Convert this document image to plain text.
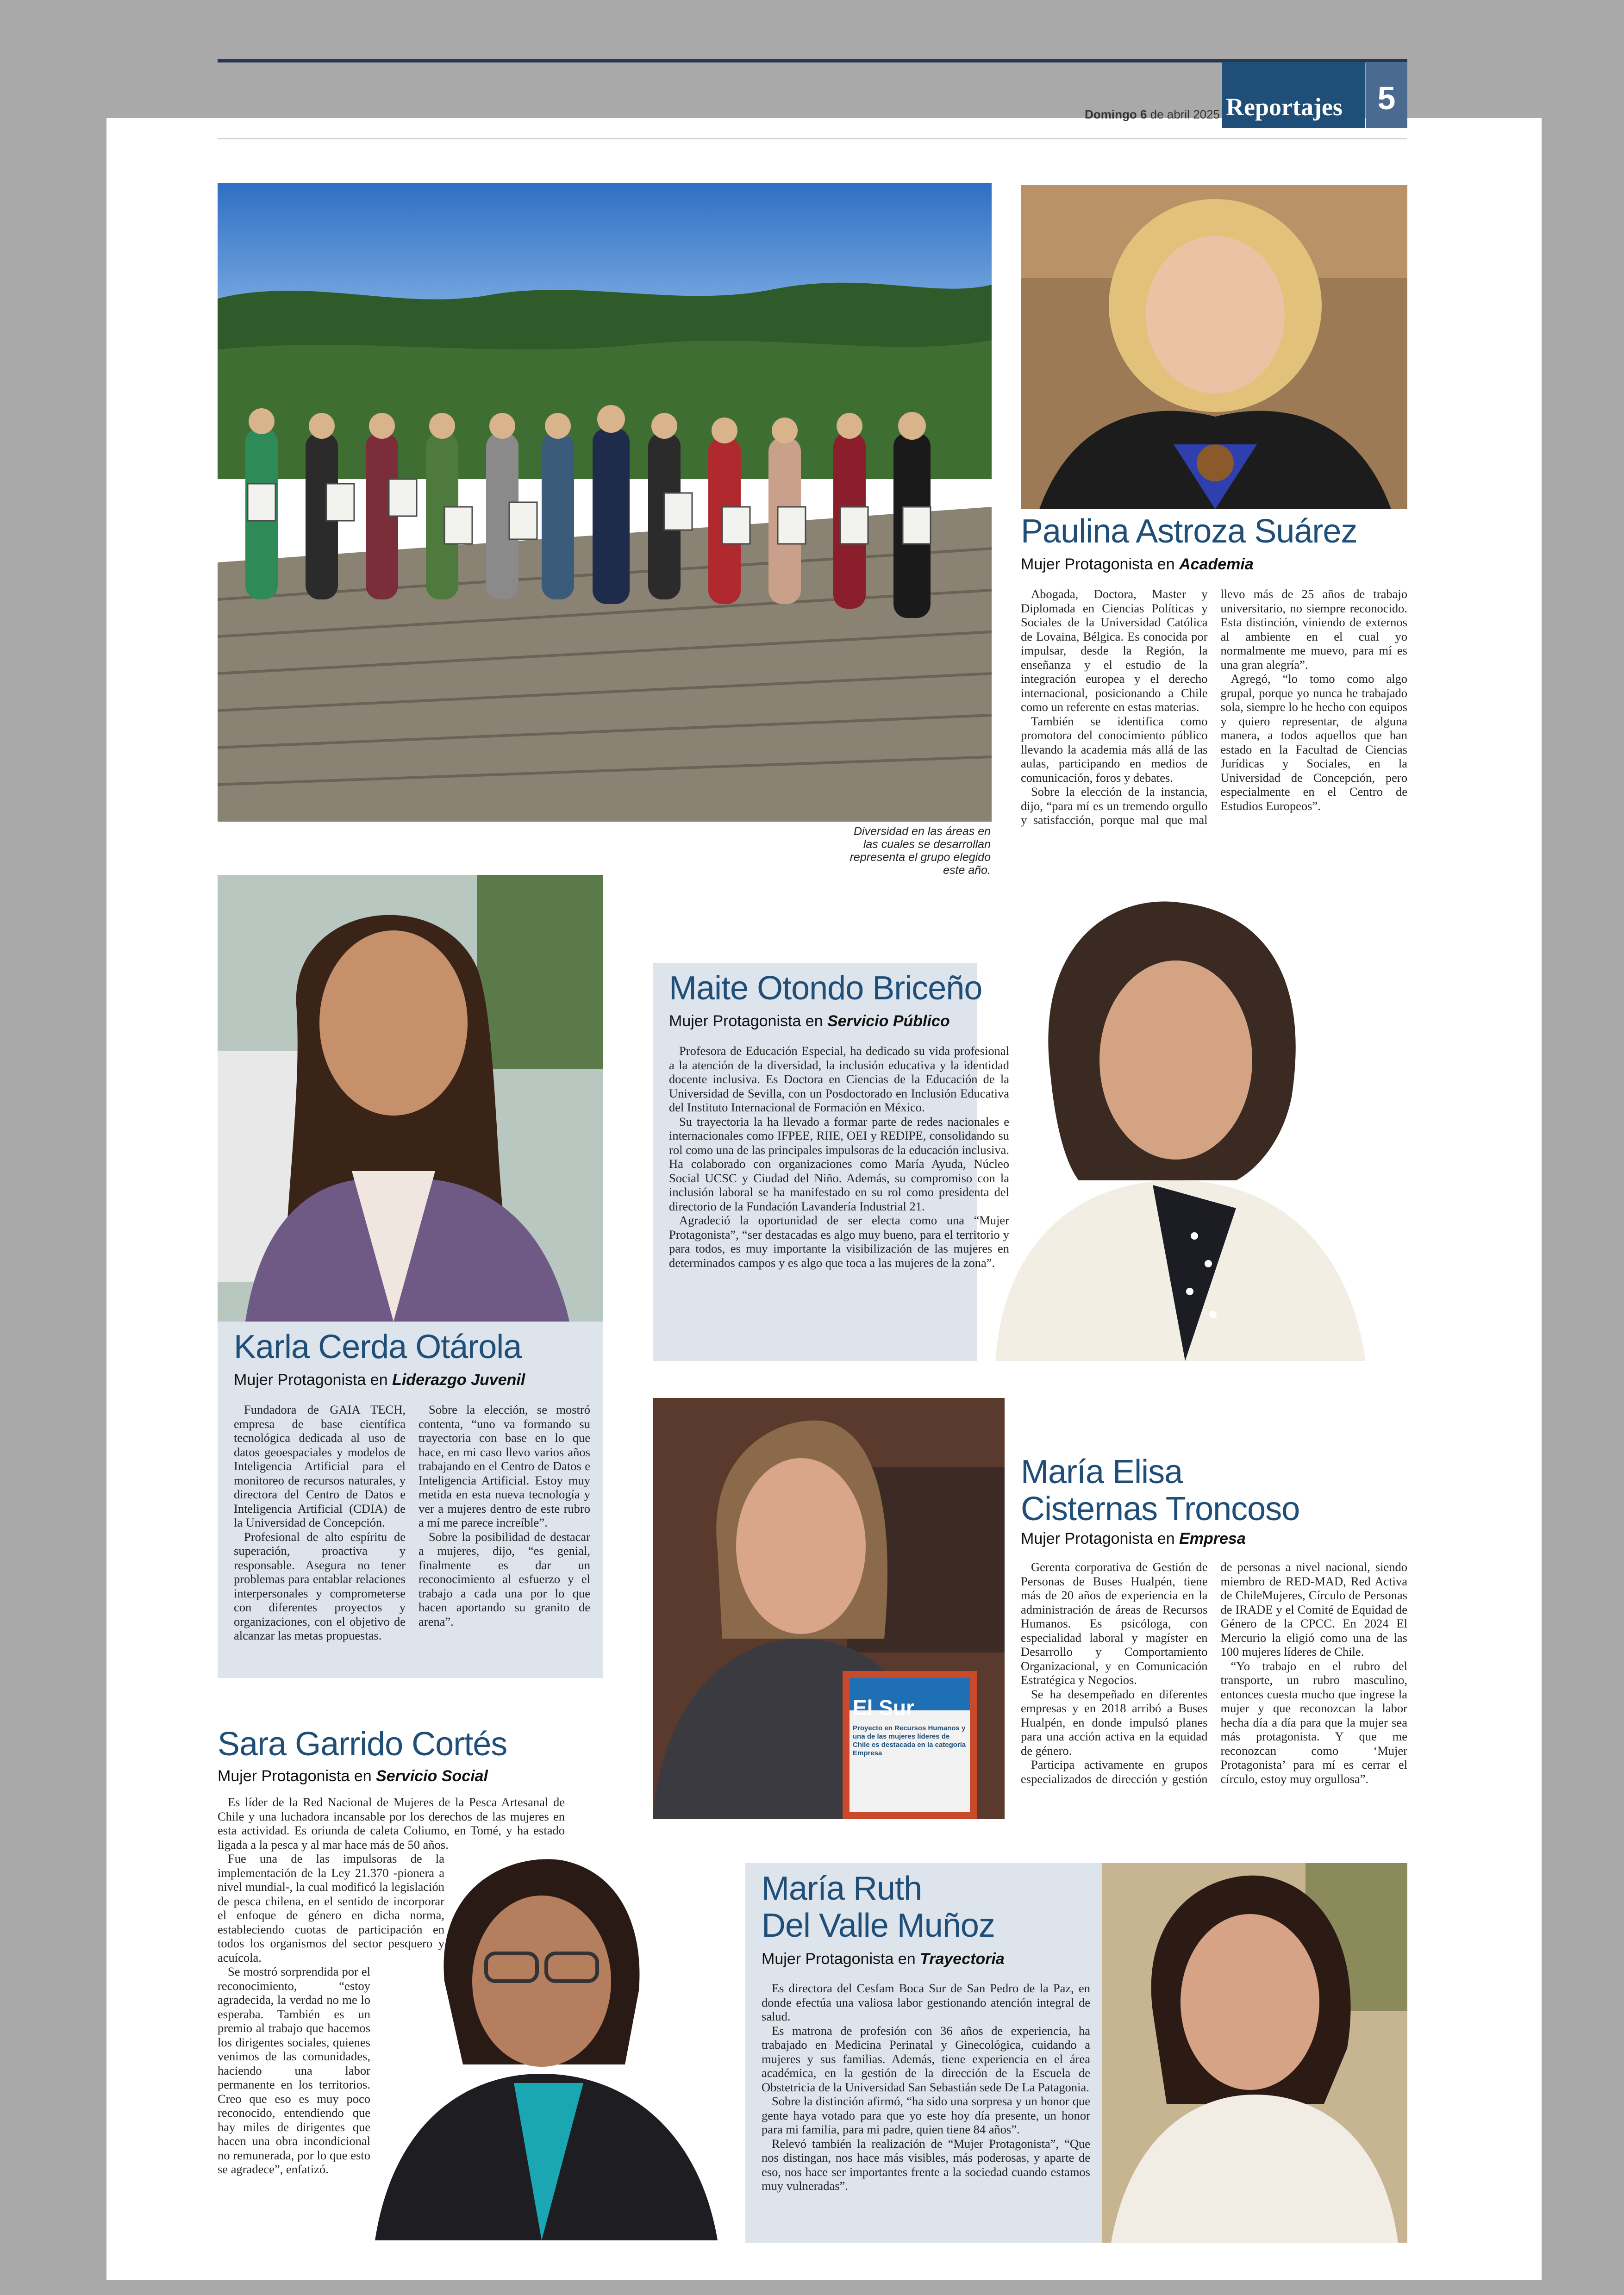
Domingo 6 de abril 2025 Reportajes	5
Diversidad en las áreas en las cuales se desarrollan representa el grupo elegido este año.
Paulina Astroza Suárez
Mujer Protagonista en Academia

Abogada, Doctora, Master y Diplomada en Ciencias Políticas y Sociales de la Universidad Católica de Lovaina, Bélgica. Es conocida por impulsar, desde la Región, la enseñanza y el estudio de la integración europea y el derecho internacional, posicionando a Chile como un referente en estas materias.

También se identifica como promotora del conocimiento público llevando la academia más allá de las aulas, participando en medios de comunicación, foros y debates.

Sobre la elección de la instancia, dijo, “para mí es un tremendo orgullo y satisfacción, porque mal que mal llevo más de 25 años de trabajo universitario, no siempre reconocido. Esta distinción, viniendo de externos al ambiente en el cual yo normalmente me muevo, para mí es una gran alegría”.

Agregó, “lo tomo como algo grupal, porque yo nunca he trabajado sola, siempre lo he hecho con equipos y quiero representar, de alguna manera, a todos aquellos que han estado en la Facultad de Ciencias Jurídicas y Sociales, en la Universidad de Concepción, pero especialmente en el Centro de Estudios Europeos”.

Karla Cerda Otárola
Mujer Protagonista en Liderazgo Juvenil

Fundadora de GAIA TECH, empresa de base científica tecnológica dedicada al uso de datos geoespaciales y modelos de Inteligencia Artificial para el monitoreo de recursos naturales, y directora del Centro de Datos e Inteligencia Artificial (CDIA) de la Universidad de Concepción.

Profesional de alto espíritu de superación, proactiva y responsable. Asegura no tener problemas para entablar relaciones interpersonales y comprometerse con diferentes proyectos y organizaciones, con el objetivo de alcanzar las metas propuestas.

Sobre la elección, se mostró contenta, “uno va formando su trayectoria con base en lo que hace, en mi caso llevo varios años trabajando en el Centro de Datos e Inteligencia Artificial. Estoy muy metida en esta nueva tecnología y ver a mujeres dentro de este rubro a mí me parece increíble”.

Sobre la posibilidad de destacar a mujeres, dijo, “es genial, finalmente es dar un reconocimiento al esfuerzo y el trabajo a cada una por lo que hacen aportando su granito de arena”.

Maite Otondo Briceño
Mujer Protagonista en Servicio Público

Profesora de Educación Especial, ha dedicado su vida profesional a la atención de la diversidad, la inclusión educativa y la identidad docente inclusiva. Es Doctora en Ciencias de la Educación de la Universidad de Sevilla, con un Posdoctorado en Inclusión Educativa del Instituto Internacional de Formación en México.

Su trayectoria la ha llevado a formar parte de redes nacionales e internacionales como IFPEE, RIIE, OEI y REDIPE, consolidando su rol como una de las principales impulsoras de la educación inclusiva. Ha colaborado con organizaciones como María Ayuda, Núcleo Social UCSC y Ciudad del Niño. Además, su compromiso con la inclusión laboral se ha manifestado en su rol como presidenta del directorio de la Fundación Lavandería Industrial 21.

Agradeció la oportunidad de ser electa como una “Mujer Protagonista”, “ser destacadas es algo muy bueno, para el territorio y para todos, es muy importante la visibilización de las mujeres en determinados campos y es algo que toca a las mujeres de la zona”.

El Sur
Proyecto en Recursos Humanos y una de las mujeres líderes de Chile es destacada en la categoría Empresa
María Elisa
Cisternas Troncoso
Mujer Protagonista en Empresa

Gerenta corporativa de Gestión de Personas de Buses Hualpén, tiene más de 20 años de experiencia en la administración de áreas de Recursos Humanos. Es psicóloga, con especialidad laboral y magíster en Desarrollo y Comportamiento Organizacional, y en Comunicación Estratégica y Negocios.

Se ha desempeñado en diferentes empresas y en 2018 arribó a Buses Hualpén, en donde impulsó planes para una acción activa en la equidad de género.

Participa activamente en grupos especializados de dirección y gestión de personas a nivel nacional, siendo miembro de RED-MAD, Red Activa de ChileMujeres, Círculo de Personas de IRADE y el Comité de Equidad de Género de la CPCC. En 2024 El Mercurio la eligió como una de las 100 mujeres líderes de Chile.

“Yo trabajo en el rubro del transporte, un rubro masculino, entonces cuesta mucho que ingrese la mujer y que reconozcan la labor hecha día a día para que la mujer sea más protagonista. Y que me reconozcan como ‘Mujer Protagonista’ para mí es cerrar el círculo, estoy muy orgullosa”.

Sara Garrido Cortés
Mujer Protagonista en Servicio Social

Es líder de la Red Nacional de Mujeres de la Pesca Artesanal de Chile y una luchadora incansable por los derechos de las mujeres en esta actividad. Es oriunda de caleta Coliumo, en Tomé, y ha estado ligada a la pesca y al mar hace más de 50 años.

Fue una de las impulsoras de la implementación de la Ley 21.370 -pionera a nivel mundial-, la cual modificó la legislación de pesca chilena, en el sentido de incorporar el enfoque de género en dicha norma, estableciendo cuotas de participación en todos los organismos del sector pesquero y acuícola.

Se mostró sorprendida por el reconocimiento, “estoy agradecida, la verdad no me lo esperaba. También es un premio al trabajo que hacemos los dirigentes sociales, quienes venimos de las comunidades, haciendo una labor permanente en los territorios. Creo que eso es muy poco reconocido, entendiendo que hay miles de dirigentes que hacen una obra incondicional no remunerada, por lo que esto se agradece”, enfatizó.

María Ruth
Del Valle Muñoz
Mujer Protagonista en Trayectoria

Es directora del Cesfam Boca Sur de San Pedro de la Paz, en donde efectúa una valiosa labor gestionando atención integral de salud.

Es matrona de profesión con 36 años de experiencia, ha trabajado en Medicina Perinatal y Ginecológica, cuidando a mujeres y sus familias. Además, tiene experiencia en el área académica, en la gestión de la dirección de la Escuela de Obstetricia de la Universidad San Sebastián sede De La Patagonia.

Sobre la distinción afirmó, “ha sido una sorpresa y un honor que gente haya votado para que yo este hoy día presente, un honor para mi familia, para mi padre, quien tiene 84 años”.

Relevó también la realización de “Mujer Protagonista”, “Que nos distingan, nos hace más visibles, más poderosas, y aparte de eso, nos hace ser importantes frente a la sociedad cuando estamos muy vulneradas”.
